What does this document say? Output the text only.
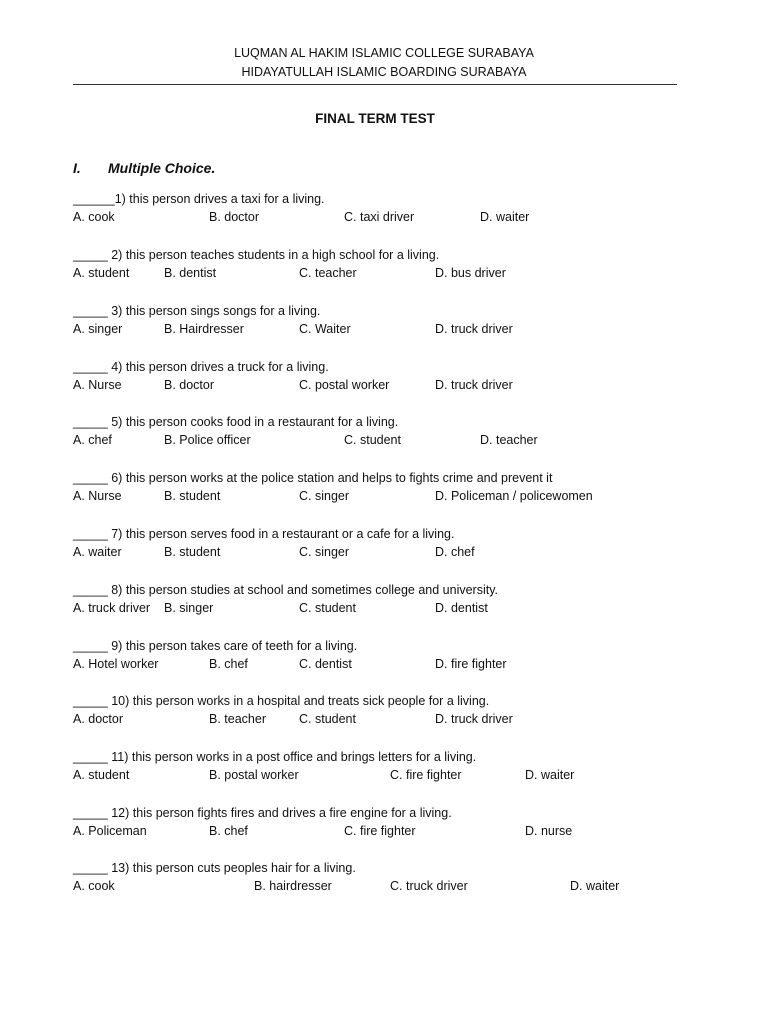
LUQMAN AL HAKIM ISLAMIC COLLEGE SURABAYA
HIDAYATULLAH ISLAMIC BOARDING SURABAYA
FINAL TERM TEST
I. Multiple Choice.
______1) this person drives a taxi for a living.
A. cook	B. doctor	C. taxi driver	D. waiter
_____ 2) this person teaches students in a high school for a living.
A. student	B. dentist	C. teacher	D. bus driver
_____ 3) this person sings songs for a living.
A. singer	B. Hairdresser	C. Waiter	D. truck driver
_____ 4) this person drives a truck for a living.
A. Nurse	B. doctor	C. postal worker	D. truck driver
_____ 5) this person cooks food in a restaurant for a living.
A. chef	B. Police officer	C. student	D. teacher
_____ 6) this person works at the police station and helps to fights crime and prevent it
A. Nurse	B. student	C. singer	D. Policeman / policewomen
_____ 7) this person serves food in a restaurant or a cafe for a living.
A. waiter	B. student	C. singer	D. chef
_____ 8) this person studies at school and sometimes college and university.
A. truck driver B. singer	C. student	D. dentist
_____ 9) this person takes care of teeth for a living.
A. Hotel worker	B. chef	C. dentist	D. fire fighter
_____ 10) this person works in a hospital and treats sick people for a living.
A. doctor	B. teacher	C. student	D. truck driver
_____ 11) this person works in a post office and brings letters for a living.
A. student	B. postal worker	C. fire fighter	D. waiter
_____ 12) this person fights fires and drives a fire engine for a living.
A. Policeman	B. chef	C. fire fighter	D. nurse
_____ 13) this person cuts peoples hair for a living.
A. cook	B. hairdresser	C. truck driver	D. waiter
